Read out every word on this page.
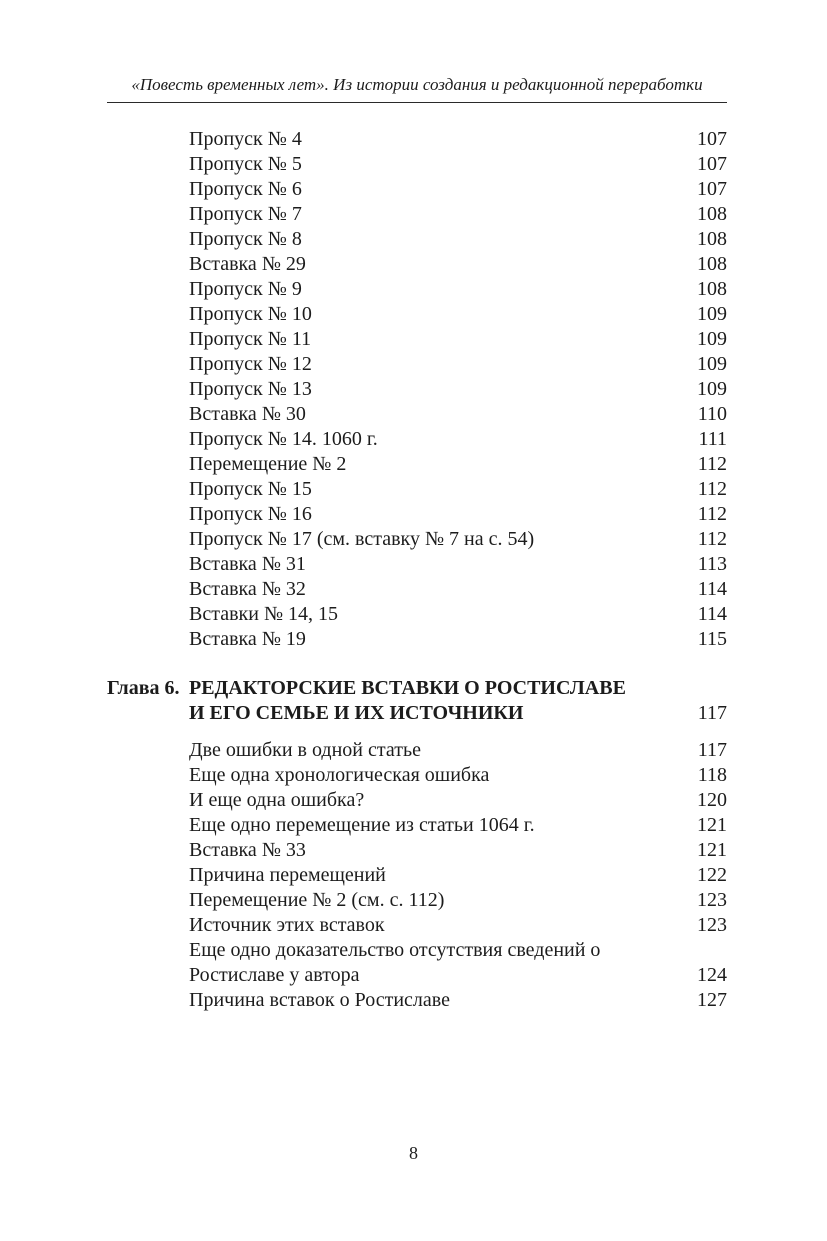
«Повесть временных лет». Из истории создания и редакционной переработки
Пропуск № 4	107
Пропуск № 5	107
Пропуск № 6	107
Пропуск № 7	108
Пропуск № 8	108
Вставка № 29	108
Пропуск № 9	108
Пропуск № 10	109
Пропуск № 11	109
Пропуск № 12	109
Пропуск № 13	109
Вставка № 30	110
Пропуск № 14. 1060 г.	111
Перемещение № 2	112
Пропуск № 15	112
Пропуск № 16	112
Пропуск № 17 (см. вставку № 7 на с. 54)	112
Вставка № 31	113
Вставка № 32	114
Вставки № 14, 15	114
Вставка № 19	115
Глава 6. РЕДАКТОРСКИЕ ВСТАВКИ О РОСТИСЛАВЕ
И ЕГО СЕМЬЕ И ИХ ИСТОЧНИКИ	117
Две ошибки в одной статье	117
Еще одна хронологическая ошибка	118
И еще одна ошибка?	120
Еще одно перемещение из статьи 1064 г.	121
Вставка № 33	121
Причина перемещений	122
Перемещение № 2 (см. с. 112)	123
Источник этих вставок	123
Еще одно доказательство отсутствия сведений о Ростиславе у автора	124
Причина вставок о Ростиславе	127
8
